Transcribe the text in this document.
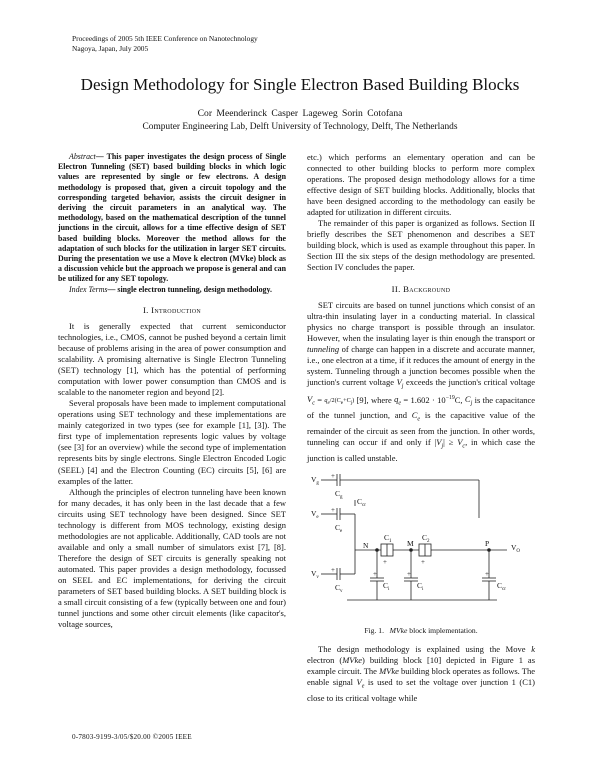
Proceedings of 2005 5th IEEE Conference on Nanotechnology
Nagoya, Japan, July 2005
Design Methodology for Single Electron Based Building Blocks
Cor Meenderinck Casper Lageweg Sorin Cotofana
Computer Engineering Lab, Delft University of Technology, Delft, The Netherlands

Abstract— This paper investigates the design process of Single Electron Tunneling (SET) based building blocks in which logic values are represented by single or few electrons. A design methodology is proposed that, given a circuit topology and the corresponding targeted behavior, assists the circuit designer in deriving the circuit parameters in an analytical way. The methodology, based on the mathematical description of the tunnel junctions in the circuit, allows for a time effective design of SET based building blocks. Moreover the method allows for the adaptation of such blocks for the utilization in larger SET circuits. During the presentation we use a Move k electron (MVke) block as a discussion vehicle but the approach we propose is general and can be utilized for any SET topology.

Index Terms— single electron tunneling, design methodology.

I. Introduction

It is generally expected that current semiconductor technologies, i.e., CMOS, cannot be pushed beyond a certain limit because of problems arising in the area of power consumption and scalability. A promising alternative is Single Electron Tunneling (SET) technology [1], which has the potential of performing computation with lower power consumption than CMOS and is scalable to the nanometer region and beyond [2].

Several proposals have been made to implement computational operations using SET technology and these implementations are mainly categorized in two types (see for example [1], [3]). The first type of implementation represents logic values by voltage (see [3] for an overview) while the second type of implementation represents bits by single electrons. Single Electron Encoded Logic (SEEL) [4] and the Electron Counting (EC) circuits [5], [6] are examples of the latter.

Although the principles of electron tunneling have been known for many decades, it has only been in the last decade that a few circuits using SET technology have been designed. Since SET technology is different from MOS technology, existing design methodologies are not applicable. Additionally, CAD tools are not available and only a small number of simulators exist [7], [8]. Therefore the design of SET circuits is generally speaking not automated. This paper provides a design methodology, focussed on SEEL and EC implementations, for deriving the circuit parameters of SET based building blocks. A SET building block is a small circuit consisting of a few (typically between one and four) tunnel junctions and some other circuit elements (like capacitor's, voltage sources,

etc.) which performs an elementary operation and can be connected to other building blocks to perform more complex operations. The proposed design methodology allows for a time effective design of SET building blocks. Additionally, blocks that have been designed according to the methodology can easily be adapted for utilization in different circuits.

The remainder of this paper is organized as follows. Section II briefly describes the SET phenomenon and describes a SET building block, which is used as example throughout this paper. In Section III the six steps of the design methodology are presented. Section IV concludes the paper.

II. Background

SET circuits are based on tunnel junctions which consist of an ultra-thin insulating layer in a conducting material. In classical physics no charge transport is possible through an insulator. However, when the insulating layer is thin enough the transport or tunneling of charge can happen in a discrete and accurate manner, i.e., one electron at a time, if it reduces the amount of energy in the system. Tunneling through a junction becomes possible when the junction's current voltage $V_j$ exceeds the junction's critical voltage $V_c = q_e/2(C_e+C_j)$ [9], where $q_e = 1.602 \cdot 10^{-19}C$, $C_j$ is the capacitance of the tunnel junction, and $C_e$ is the capacitive value of the remainder of the circuit as seen from the junction. In other words, tunneling can occur if and only if $|V_j| \ge V_c$, in which case the junction is called unstable.

+
+
+	+	+	+
+	+
$V_g$
$C_g$ $C_{cr}$
$V_e$
$C_e$
$V_v$
$C_v$
N	M	P
$C_1$	$C_2$
$C_i$	$C_i$	$C_{cr}$
$V_O$
Fig. 1. MVke block implementation.

The design methodology is explained using the Move k electron (MVke) building block [10] depicted in Figure 1 as example circuit. The MVke building block operates as follows. The enable signal $V_e$ is used to set the voltage over junction 1 (C1) close to its critical voltage while

0-7803-9199-3/05/$20.00 ©2005 IEEE
